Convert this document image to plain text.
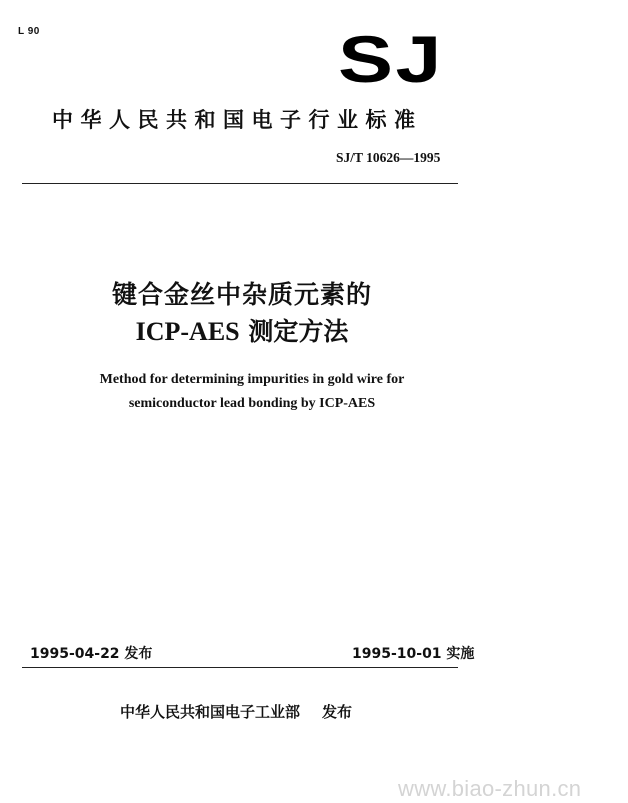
L 90	SJ
中华人民共和国电子行业标准
SJ/T 10626—1995
键合金丝中杂质元素的
ICP-AES 测定方法
Method for determining impurities in gold wire for
semiconductor lead bonding by ICP-AES
1995-04-22 发布	1995-10-01 实施
中华人民共和国电子工业部 发布
www.biao-zhun.cn
